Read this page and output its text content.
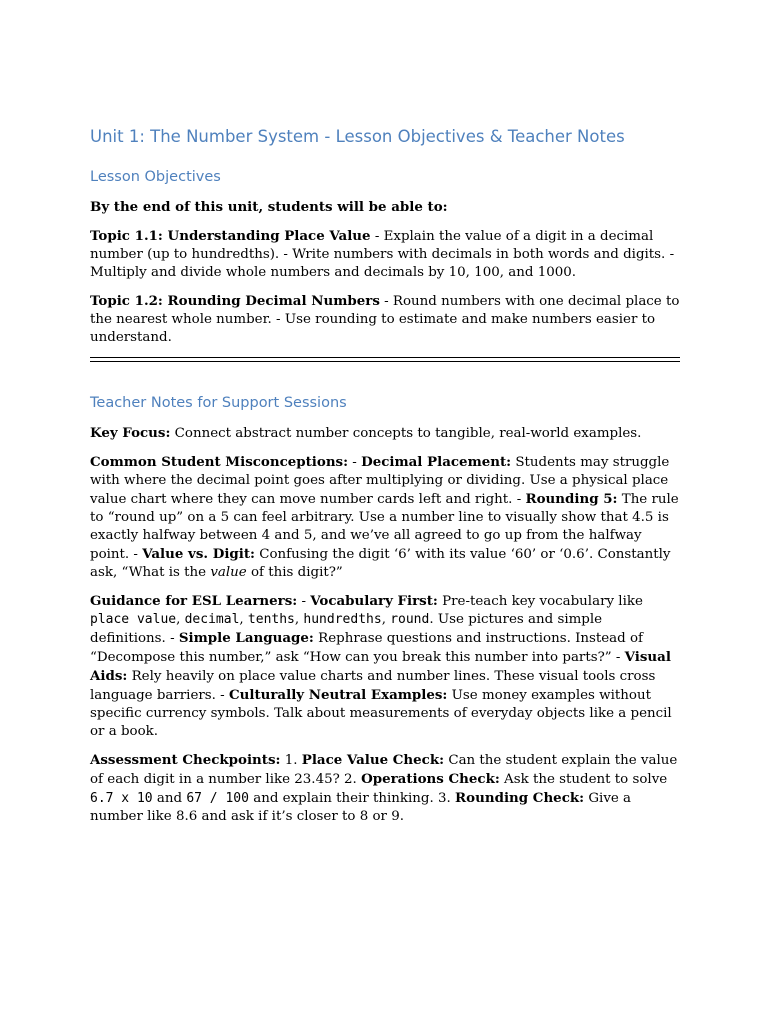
Unit 1: The Number System - Lesson Objectives & Teacher Notes
Lesson Objectives

By the end of this unit, students will be able to:

Topic 1.1: Understanding Place Value - Explain the value of a digit in a decimal number (up to hundredths). - Write numbers with decimals in both words and digits. - Multiply and divide whole numbers and decimals by 10, 100, and 1000.

Topic 1.2: Rounding Decimal Numbers - Round numbers with one decimal place to the nearest whole number. - Use rounding to estimate and make numbers easier to understand.

Teacher Notes for Support Sessions

Key Focus: Connect abstract number concepts to tangible, real-world examples.

Common Student Misconceptions: - Decimal Placement: Students may struggle with where the decimal point goes after multiplying or dividing. Use a physical place value chart where they can move number cards left and right. - Rounding 5: The rule to “round up” on a 5 can feel arbitrary. Use a number line to visually show that 4.5 is exactly halfway between 4 and 5, and we’ve all agreed to go up from the halfway point. - Value vs. Digit: Confusing the digit ‘6’ with its value ‘60’ or ‘0.6’. Constantly ask, “What is the value of this digit?”

Guidance for ESL Learners: - Vocabulary First: Pre-teach key vocabulary like place value, decimal, tenths, hundredths, round. Use pictures and simple definitions. - Simple Language: Rephrase questions and instructions. Instead of “Decompose this number,” ask “How can you break this number into parts?” - Visual Aids: Rely heavily on place value charts and number lines. These visual tools cross language barriers. - Culturally Neutral Examples: Use money examples without specific currency symbols. Talk about measurements of everyday objects like a pencil or a book.

Assessment Checkpoints: 1. Place Value Check: Can the student explain the value of each digit in a number like 23.45? 2. Operations Check: Ask the student to solve 6.7 x 10 and 67 / 100 and explain their thinking. 3. Rounding Check: Give a number like 8.6 and ask if it’s closer to 8 or 9.
